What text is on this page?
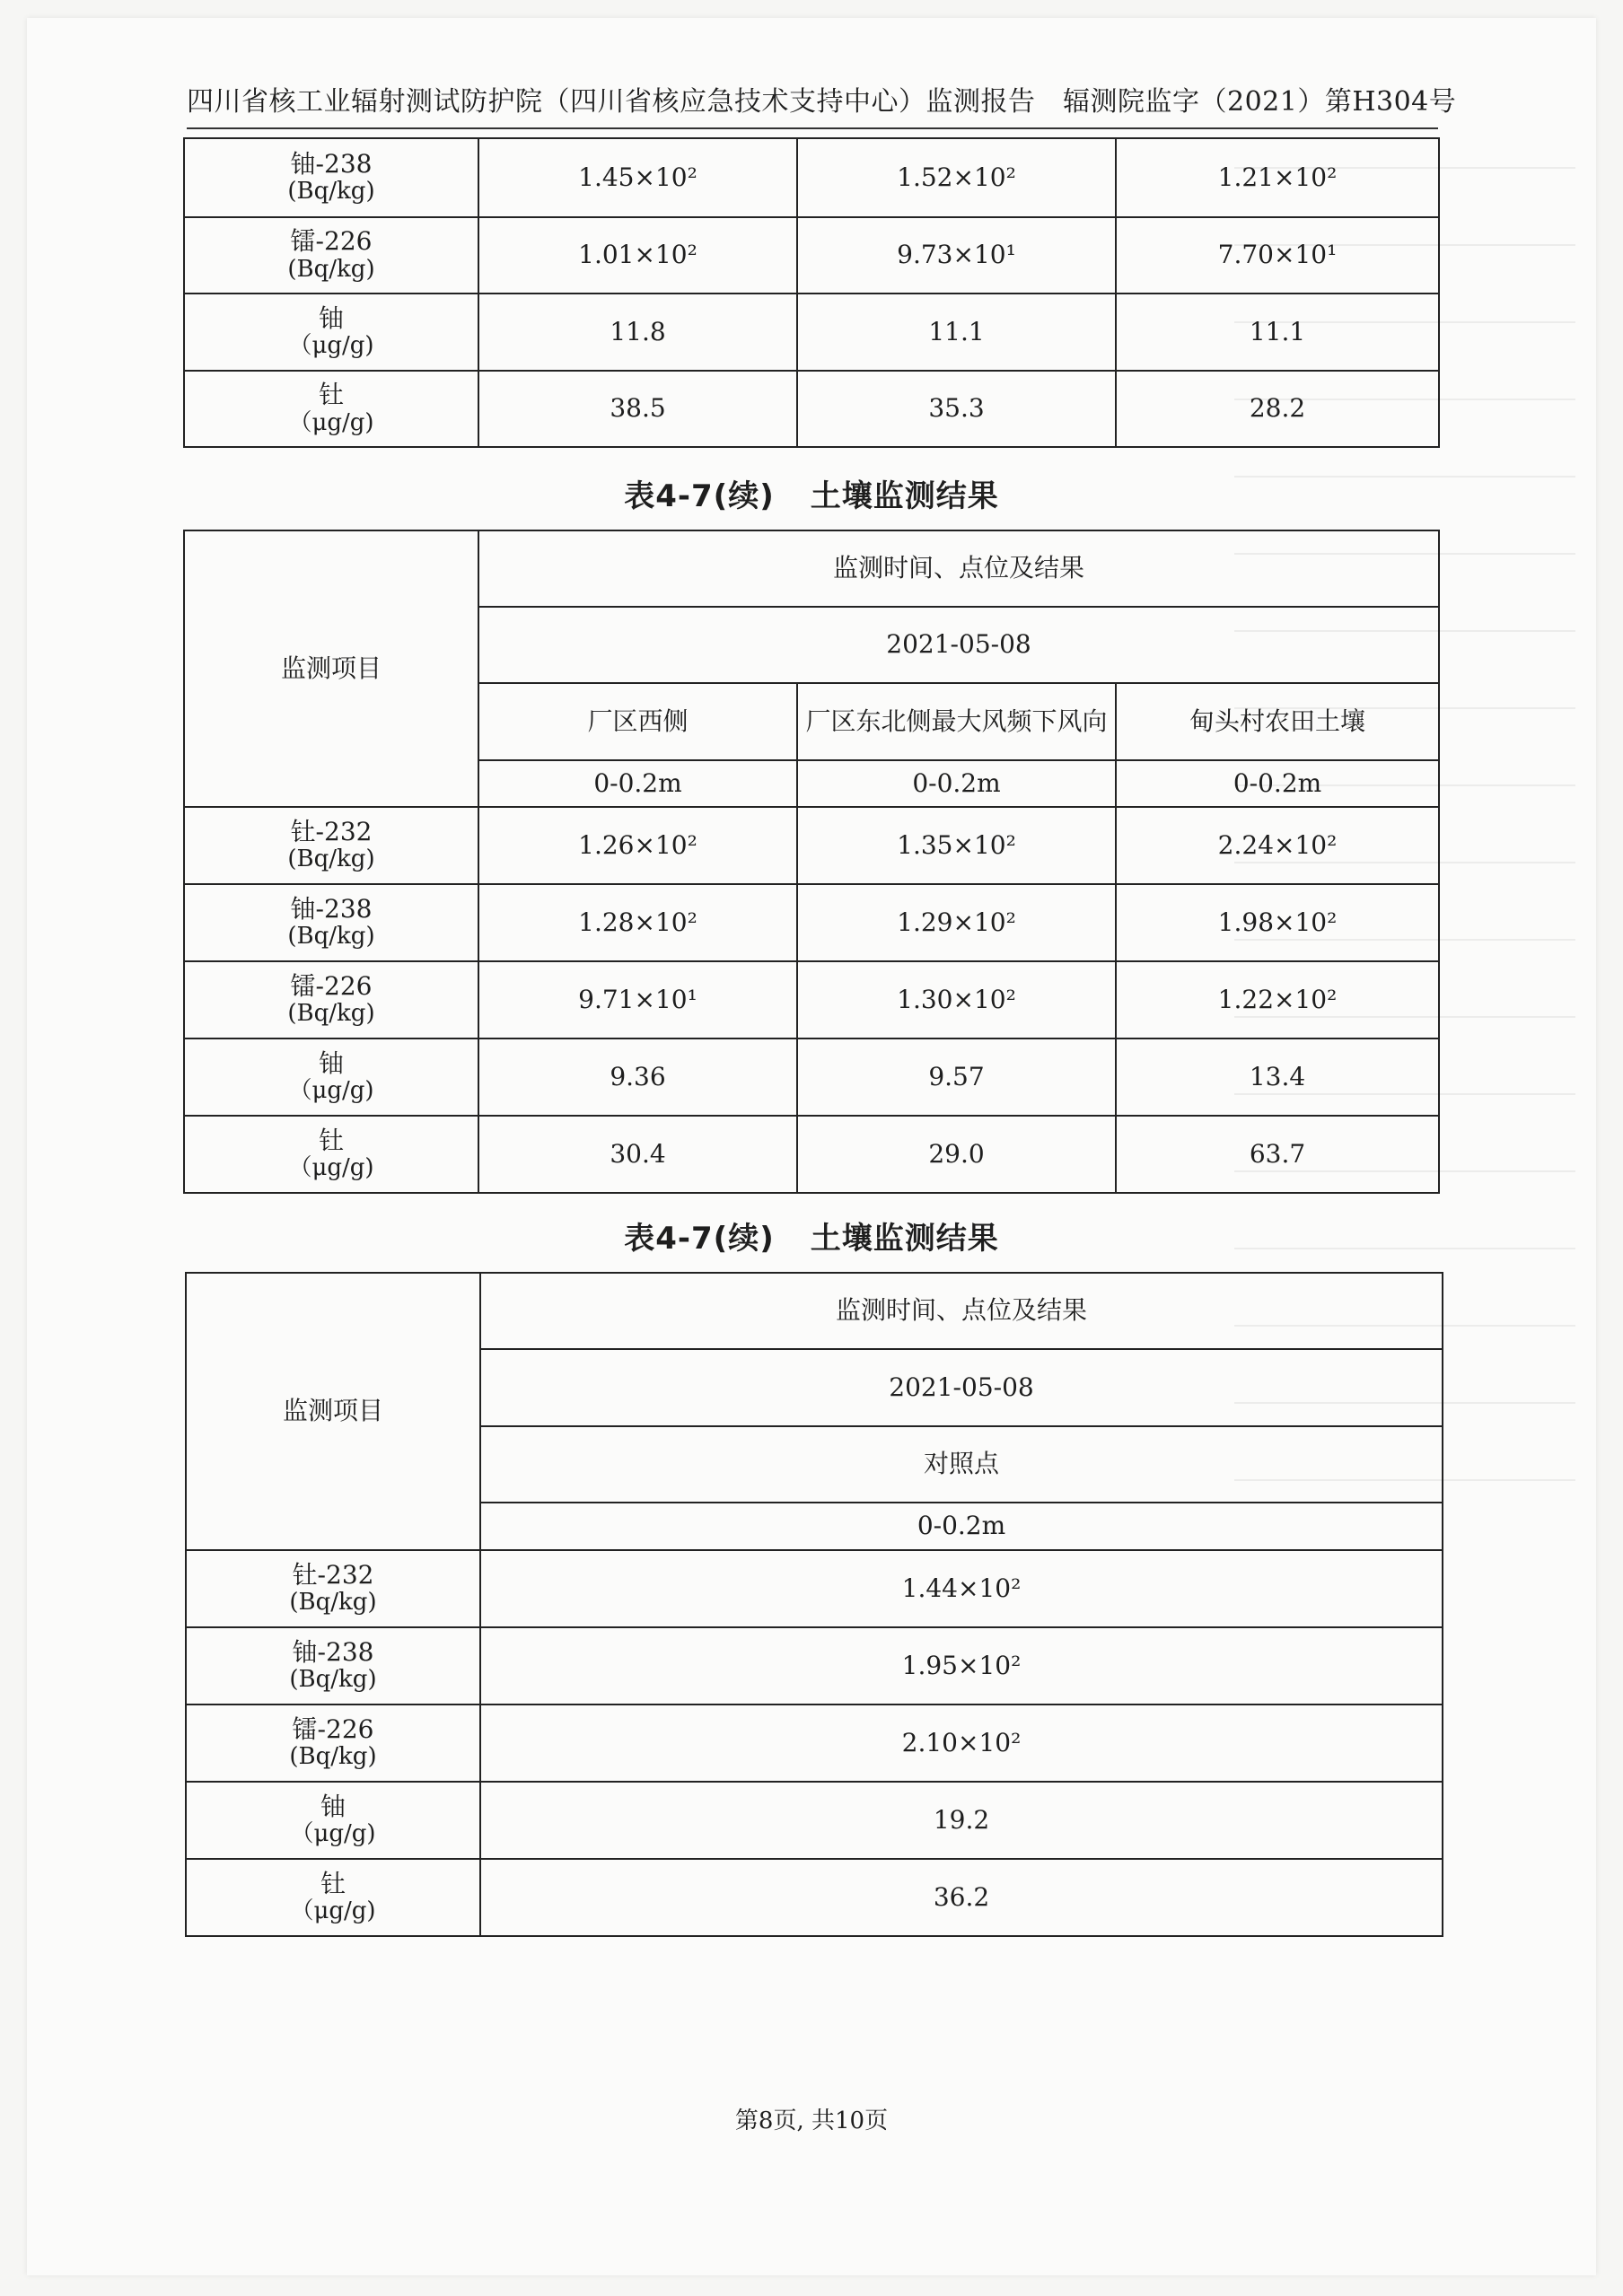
四川省核工业辐射测试防护院（四川省核应急技术支持中心）监测报告　辐测院监字（2021）第H304号
铀-238
(Bq/kg)	1.45×10²	1.52×10²	1.21×10²

镭-226
(Bq/kg)	1.01×10²	9.73×10¹	7.70×10¹

铀
（μg/g)	11.8	11.1	11.1

钍
（μg/g)	38.5	35.3	28.2
表4-7(续) 土壤监测结果
监测项目	监测时间、点位及结果		
	2021-05-08		
	厂区西侧	厂区东北侧最大风频下风向	甸头村农田土壤
	0-0.2m	0-0.2m	0-0.2m

钍-232
(Bq/kg)	1.26×10²	1.35×10²	2.24×10²

铀-238
(Bq/kg)	1.28×10²	1.29×10²	1.98×10²

镭-226
(Bq/kg)	9.71×10¹	1.30×10²	1.22×10²

铀
（μg/g)	9.36	9.57	13.4

钍
（μg/g)	30.4	29.0	63.7
表4-7(续) 土壤监测结果
监测项目	监测时间、点位及结果
	2021-05-08
	对照点
	0-0.2m

钍-232
(Bq/kg)	1.44×10²

铀-238
(Bq/kg)	1.95×10²

镭-226
(Bq/kg)	2.10×10²

铀
（μg/g)	19.2

钍
（μg/g)	36.2
第8页, 共10页
